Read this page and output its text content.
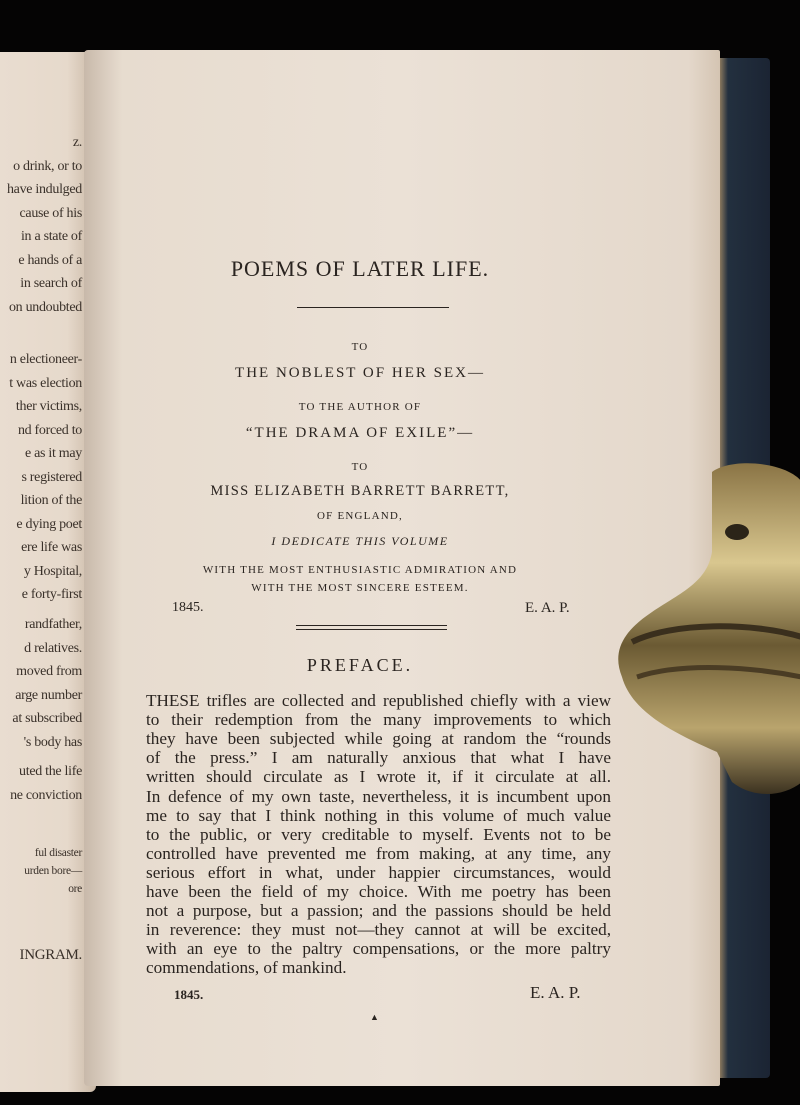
z.
o drink, or to
have indulged
cause of his
in a state of
e hands of a
in search of
on undoubted
n electioneer-
t was election
ther victims,
nd forced to
e as it may
s registered
lition of the
e dying poet
ere life was
y Hospital,
e forty-first
randfather,
d relatives.
moved from
arge number
at subscribed
's body has
uted the life
ne conviction
ful disaster
urden bore—
ore
INGRAM.
POEMS OF LATER LIFE.
TO
THE NOBLEST OF HER SEX—
TO THE AUTHOR OF
“THE DRAMA OF EXILE”—
TO
MISS ELIZABETH BARRETT BARRETT,
OF ENGLAND,
I DEDICATE THIS VOLUME
WITH THE MOST ENTHUSIASTIC ADMIRATION AND
WITH THE MOST SINCERE ESTEEM.
1845.	E. A. P.
PREFACE.
THESE trifles are collected and republished chiefly with a view
to their redemption from the many improvements to which
they have been subjected while going at random the “rounds
of the press.” I am naturally anxious that what I have
written should circulate as I wrote it, if it circulate at all.
In defence of my own taste, nevertheless, it is incumbent upon
me to say that I think nothing in this volume of much value
to the public, or very creditable to myself. Events not to be
controlled have prevented me from making, at any time, any
serious effort in what, under happier circumstances, would
have been the field of my choice. With me poetry has been
not a purpose, but a passion; and the passions should be held
in reverence: they must not—they cannot at will be excited,
with an eye to the paltry compensations, or the more paltry
commendations, of mankind.
1845.	E. A. P.
▲
